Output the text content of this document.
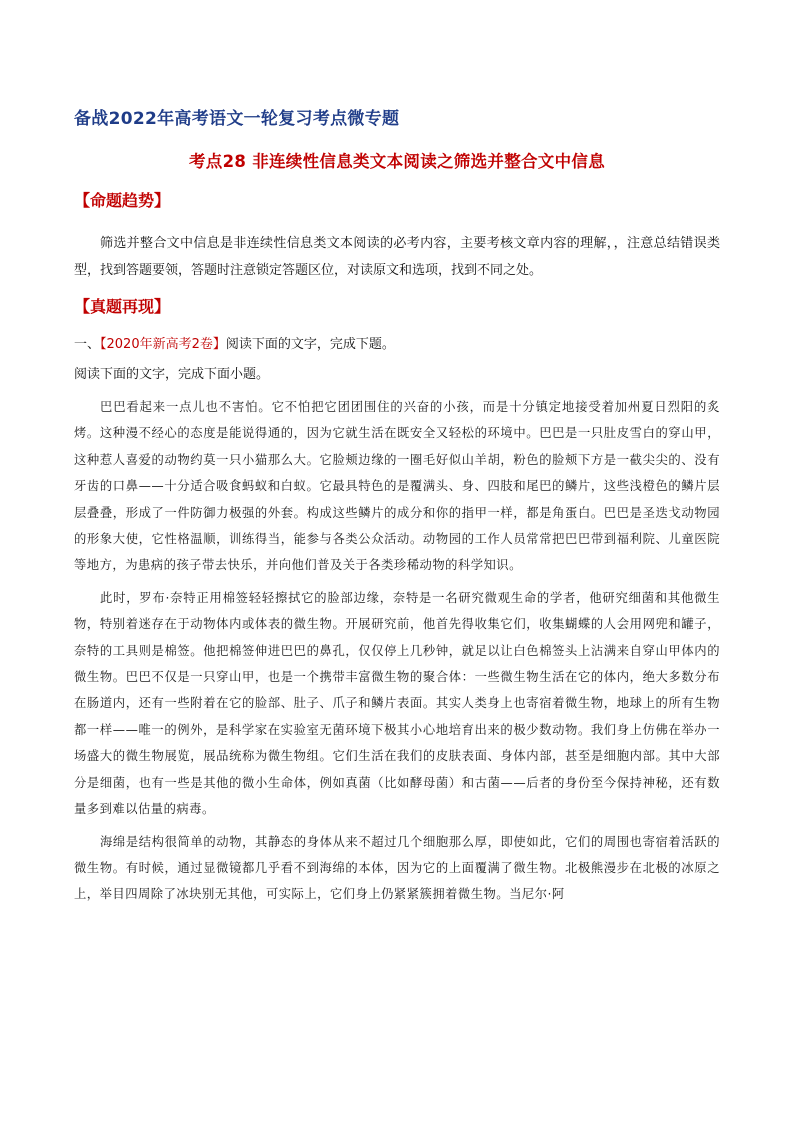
备战2022年高考语文一轮复习考点微专题
考点28 非连续性信息类文本阅读之筛选并整合文中信息
【命题趋势】
筛选并整合文中信息是非连续性信息类文本阅读的必考内容，主要考核文章内容的理解，，注意总结错误类型，找到答题要领，答题时注意锁定答题区位，对读原文和选项，找到不同之处。
【真题再现】
一、【2020年新高考2卷】阅读下面的文字，完成下题。
阅读下面的文字，完成下面小题。

巴巴看起来一点儿也不害怕。它不怕把它团团围住的兴奋的小孩，而是十分镇定地接受着加州夏日烈阳的炙烤。这种漫不经心的态度是能说得通的，因为它就生活在既安全又轻松的环境中。巴巴是一只肚皮雪白的穿山甲，这种惹人喜爱的动物约莫一只小猫那么大。它脸颊边缘的一圈毛好似山羊胡，粉色的脸颊下方是一截尖尖的、没有牙齿的口鼻——十分适合吸食蚂蚁和白蚁。它最具特色的是覆满头、身、四肢和尾巴的鳞片，这些浅橙色的鳞片层层叠叠，形成了一件防御力极强的外套。构成这些鳞片的成分和你的指甲一样，都是角蛋白。巴巴是圣迭戈动物园的形象大使，它性格温顺，训练得当，能参与各类公众活动。动物园的工作人员常常把巴巴带到福利院、儿童医院等地方，为患病的孩子带去快乐，并向他们普及关于各类珍稀动物的科学知识。

此时，罗布·奈特正用棉签轻轻擦拭它的脸部边缘，奈特是一名研究微观生命的学者，他研究细菌和其他微生物，特别着迷存在于动物体内或体表的微生物。开展研究前，他首先得收集它们，收集蝴蝶的人会用网兜和罐子，奈特的工具则是棉签。他把棉签伸进巴巴的鼻孔，仅仅停上几秒钟，就足以让白色棉签头上沾满来自穿山甲体内的微生物。巴巴不仅是一只穿山甲，也是一个携带丰富微生物的聚合体：一些微生物生活在它的体内，绝大多数分布在肠道内，还有一些附着在它的脸部、肚子、爪子和鳞片表面。其实人类身上也寄宿着微生物，地球上的所有生物都一样——唯一的例外，是科学家在实验室无菌环境下极其小心地培育出来的极少数动物。我们身上仿佛在举办一场盛大的微生物展览，展品统称为微生物组。它们生活在我们的皮肤表面、身体内部，甚至是细胞内部。其中大部分是细菌，也有一些是其他的微小生命体，例如真菌（比如酵母菌）和古菌——后者的身份至今保持神秘，还有数量多到难以估量的病毒。

海绵是结构很简单的动物，其静态的身体从来不超过几个细胞那么厚，即使如此，它们的周围也寄宿着活跃的微生物。有时候，通过显微镜都几乎看不到海绵的本体，因为它的上面覆满了微生物。北极熊漫步在北极的冰原之上，举目四周除了冰块别无其他，可实际上，它们身上仍紧紧簇拥着微生物。当尼尔·阿
